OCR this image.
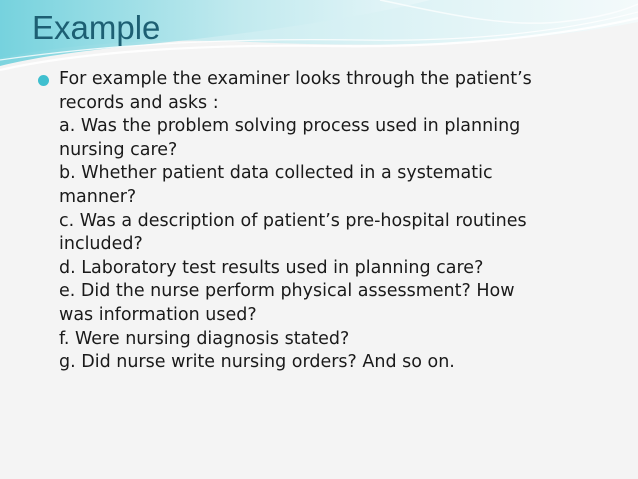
Example
For example the examiner looks through the patient’s
records and asks :
a. Was the problem solving process used in planning
nursing care?
b. Whether patient data collected in a systematic
manner?
c. Was a description of patient’s pre-hospital routines
included?
d. Laboratory test results used in planning care?
e. Did the nurse perform physical assessment? How
was information used?
f. Were nursing diagnosis stated?
g. Did nurse write nursing orders? And so on.
